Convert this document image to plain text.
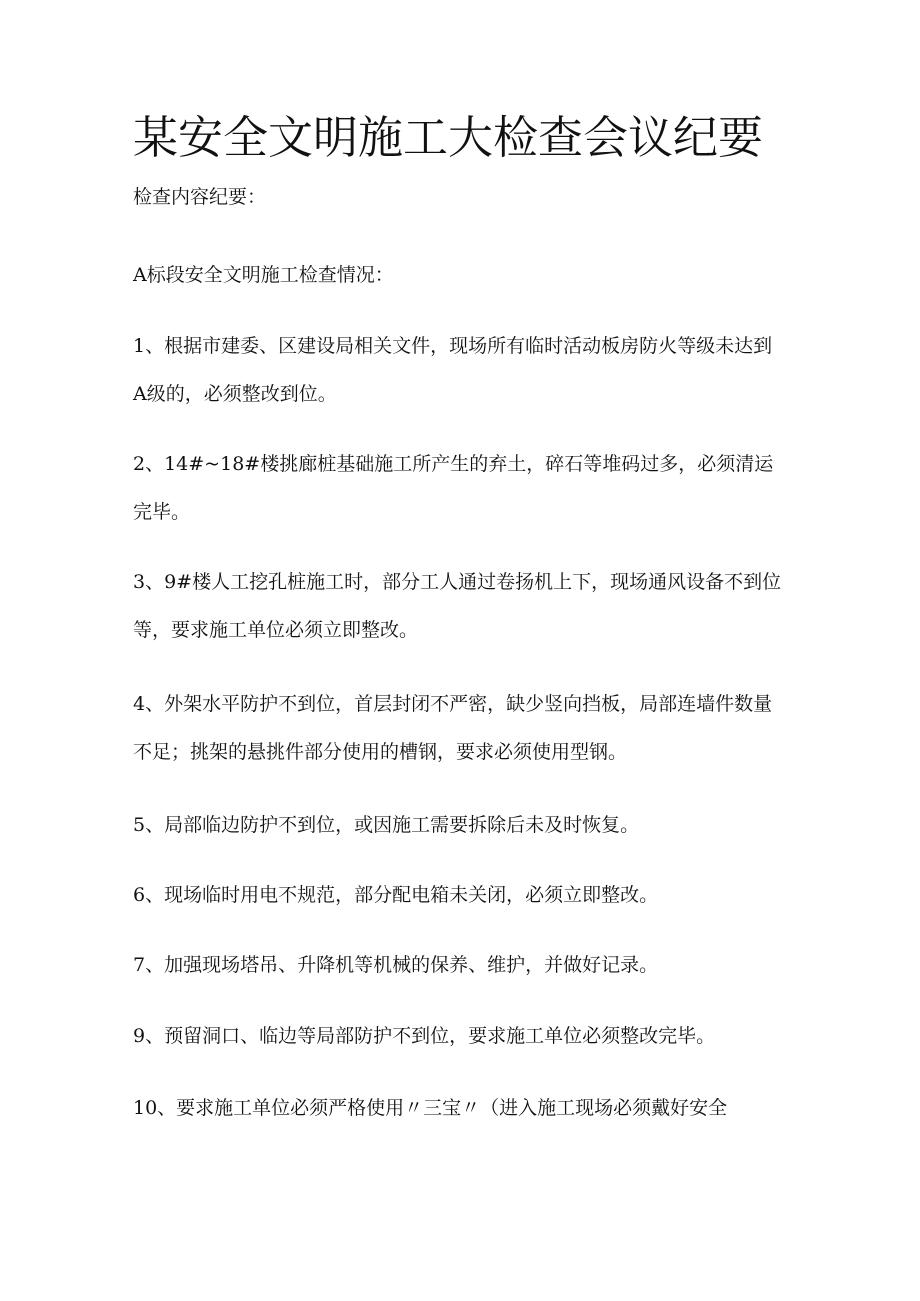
某安全文明施工大检查会议纪要

检查内容纪要：

A标段安全文明施工检查情况：

1、根据市建委、区建设局相关文件，现场所有临时活动板房防火等级未达到A级的，必须整改到位。

2、14#~18#楼挑廊桩基础施工所产生的弃土，碎石等堆码过多，必须清运完毕。

3、9#楼人工挖孔桩施工时，部分工人通过卷扬机上下，现场通风设备不到位等，要求施工单位必须立即整改。

4、外架水平防护不到位，首层封闭不严密，缺少竖向挡板，局部连墙件数量不足；挑架的悬挑件部分使用的槽钢，要求必须使用型钢。

5、局部临边防护不到位，或因施工需要拆除后未及时恢复。

6、现场临时用电不规范，部分配电箱未关闭，必须立即整改。

7、加强现场塔吊、升降机等机械的保养、维护，并做好记录。

9、预留洞口、临边等局部防护不到位，要求施工单位必须整改完毕。

10、要求施工单位必须严格使用〃三宝〃（进入施工现场必须戴好安全
